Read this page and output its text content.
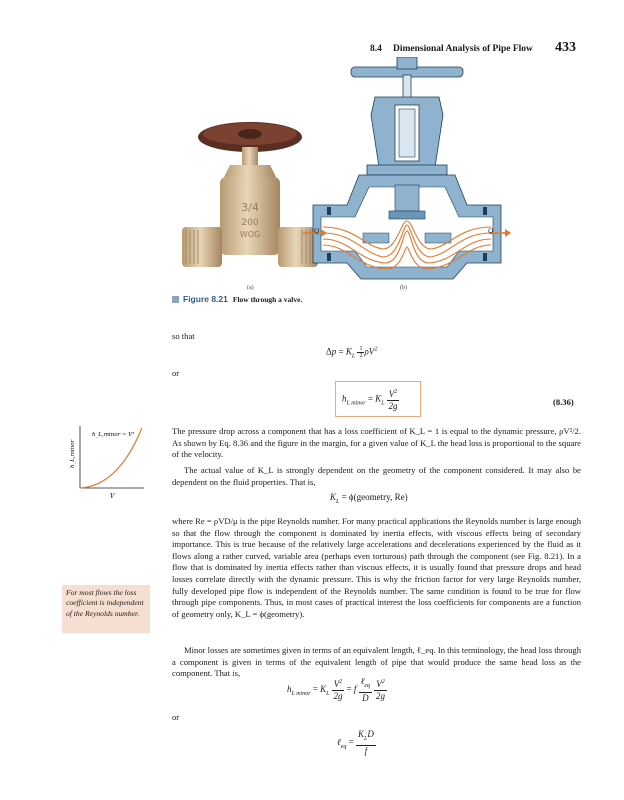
8.4 Dimensional Analysis of Pipe Flow 433
3/4
200
WOG	Q	Q
(a)	(b)
Figure 8.21 Flow through a valve.
so that
$\Delta p = K_L \frac{1}{2} \rho V^2$
or
$h_{L minor} = K_L \frac{V^2}{2g}$	(8.36)

The pressure drop across a component that has a loss coefficient of K_L = 1 is equal to the dynamic pressure, ρV²/2. As shown by Eq. 8.36 and the figure in the margin, for a given value of K_L the head loss is proportional to the square of the velocity.

The actual value of K_L is strongly dependent on the geometry of the component considered. It may also be dependent on the fluid properties. That is,

$K_L$ = ϕ(geometry, Re)

where Re = ρVD/μ is the pipe Reynolds number. For many practical applications the Reynolds number is large enough so that the flow through the component is dominated by inertia effects, with viscous effects being of secondary importance. This is true because of the relatively large accelerations and decelerations experienced by the fluid as it flows along a rather curved, variable area (perhaps even torturous) path through the component (see Fig. 8.21). In a flow that is dominated by inertia effects rather than viscous effects, it is usually found that pressure drops and head losses correlate directly with the dynamic pressure. This is why the friction factor for very large Reynolds number, fully developed pipe flow is independent of the Reynolds number. The same condition is found to be true for flow through pipe components. Thus, in most cases of practical interest the loss coefficients for components are a function of geometry only, K_L = ϕ(geometry).

Minor losses are sometimes given in terms of an equivalent length, ℓ_eq. In this terminology, the head loss through a component is given in terms of the equivalent length of pipe that would produce the same head loss as the component. That is,

$h_{L minor} = K_L \frac{V^2}{2g} = f \frac{\ell_{eq}}{D}$
$\frac{V^2}{2g}$
or
ℓ$_{eq}$ = $\frac{K_LD}{f}$
h_L,minor ~ V²
h_L,minor
V
For most flows the loss coefficient is independent of the Reynolds number.
